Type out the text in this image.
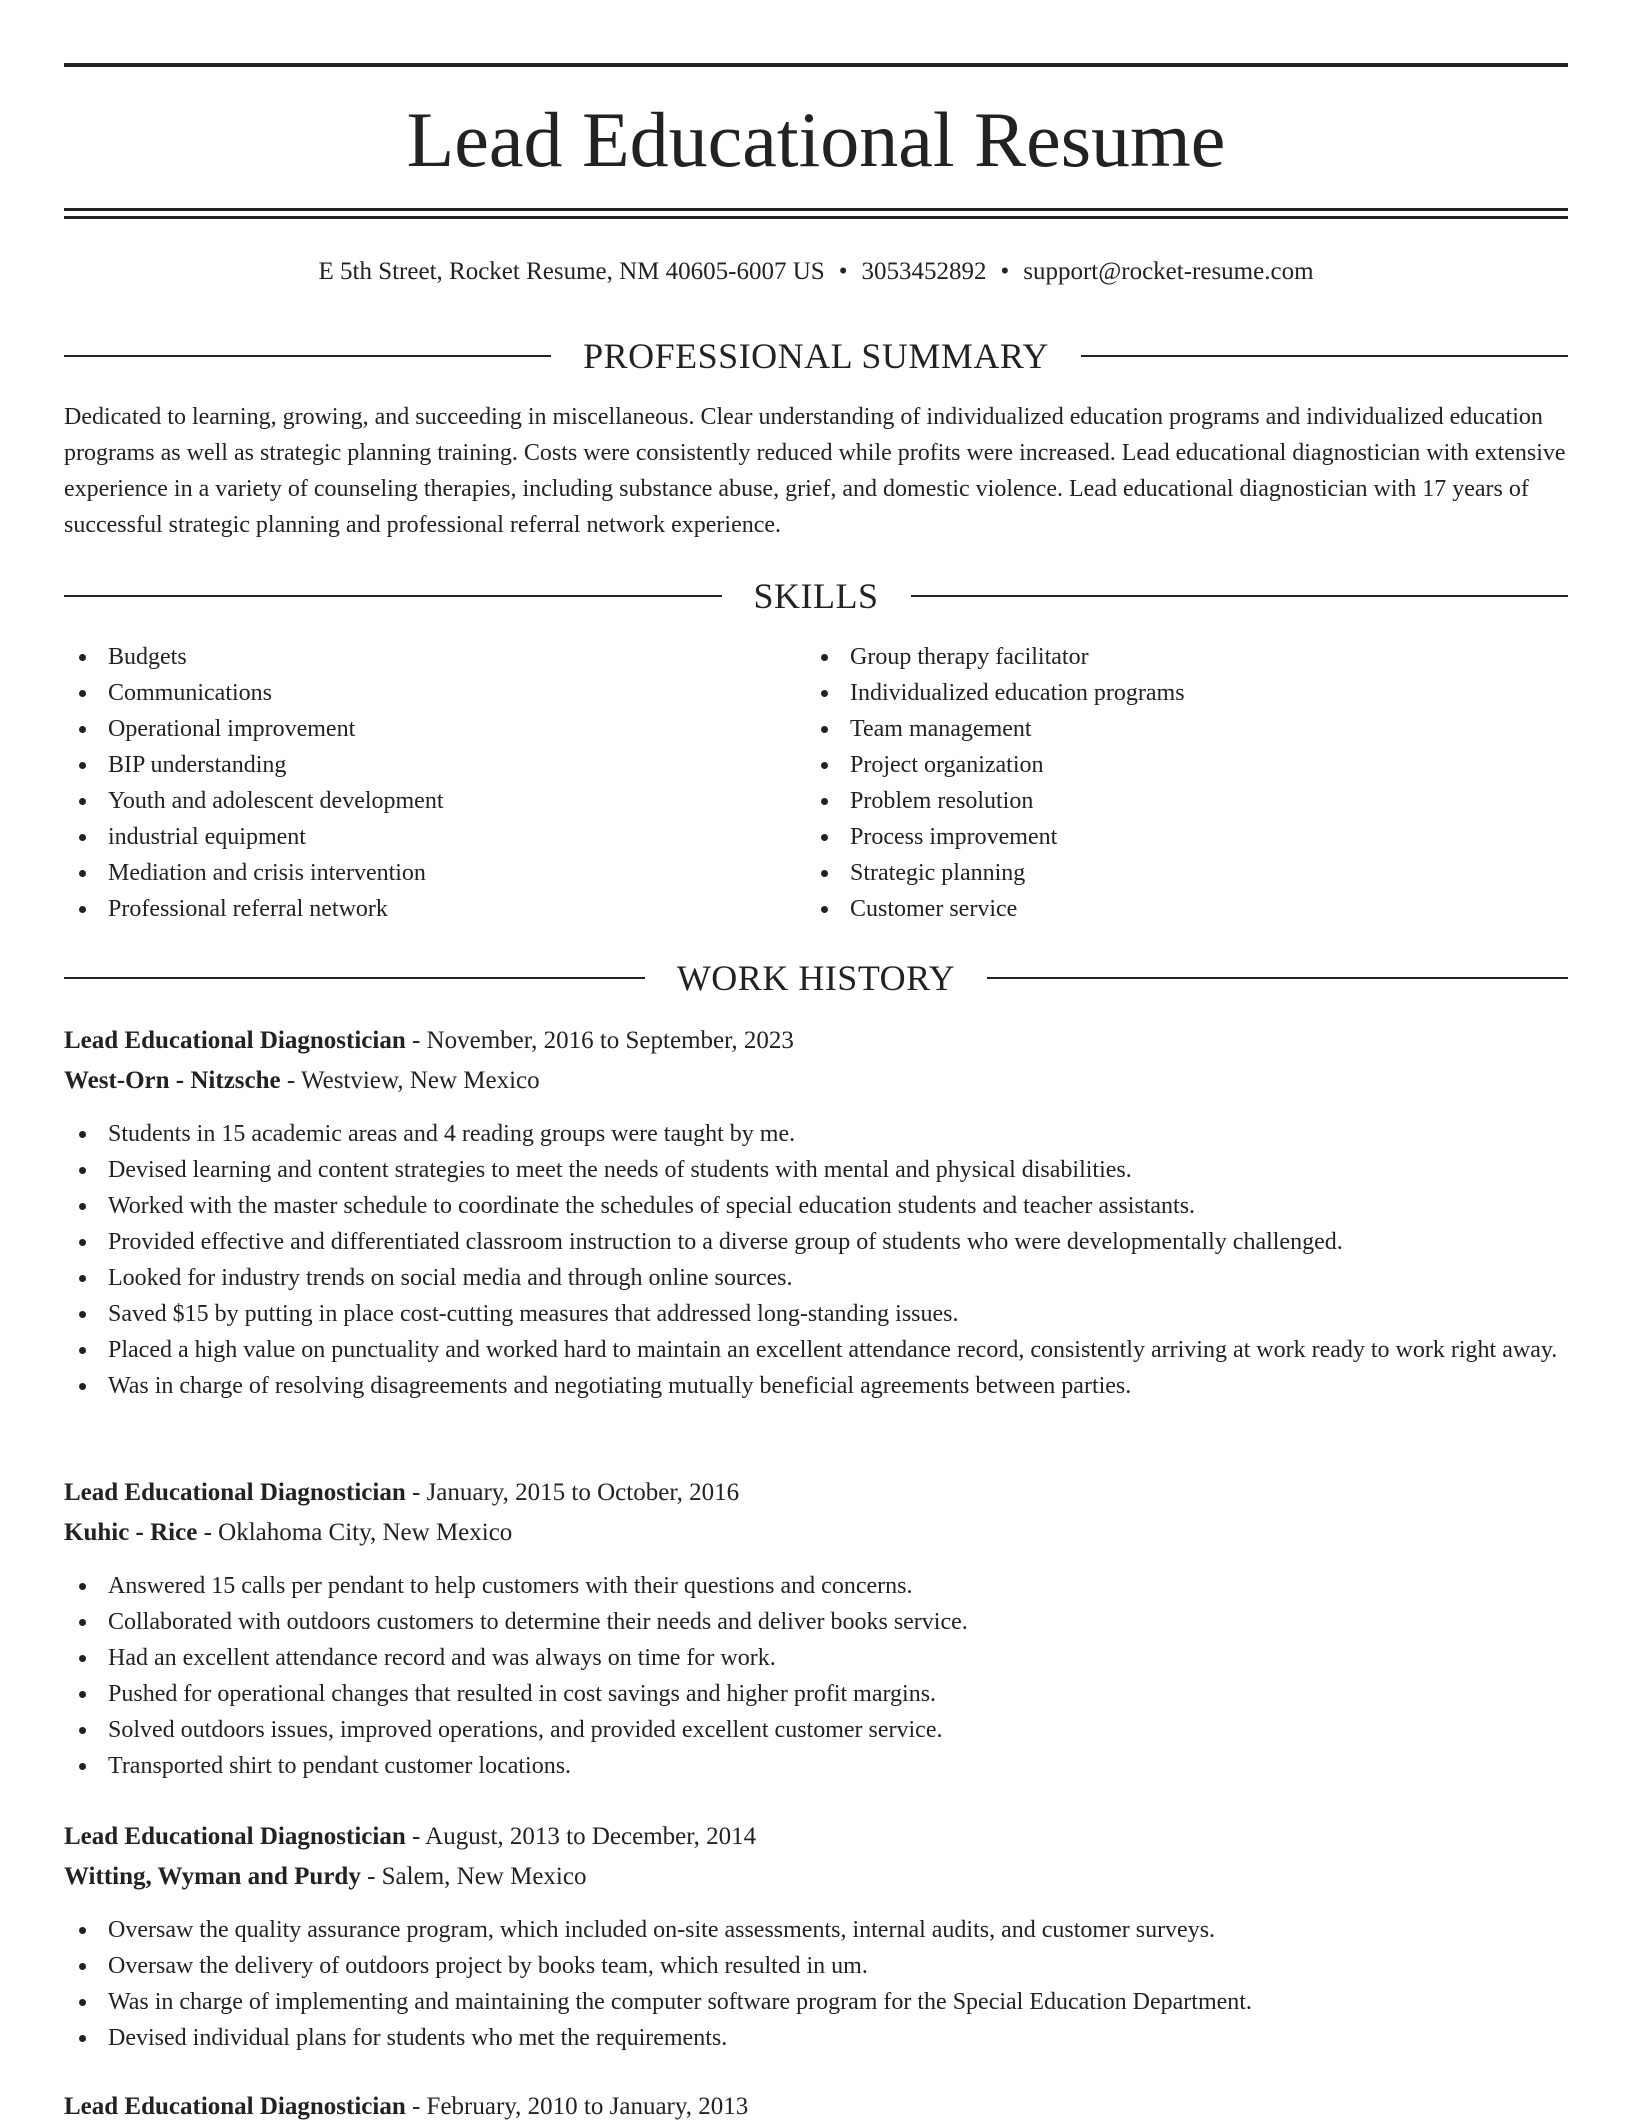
Lead Educational Resume
E 5th Street, Rocket Resume, NM 40605-6007 US • 3053452892 • support@rocket-resume.com
PROFESSIONAL SUMMARY

Dedicated to learning, growing, and succeeding in miscellaneous. Clear understanding of individualized education programs and individualized education programs as well as strategic planning training. Costs were consistently reduced while profits were increased. Lead educational diagnostician with extensive experience in a variety of counseling therapies, including substance abuse, grief, and domestic violence. Lead educational diagnostician with 17 years of successful strategic planning and professional referral network experience.

SKILLS
Budgets
Communications
Operational improvement
BIP understanding
Youth and adolescent development
industrial equipment
Mediation and crisis intervention
Professional referral network
Group therapy facilitator
Individualized education programs
Team management
Project organization
Problem resolution
Process improvement
Strategic planning
Customer service
WORK HISTORY
Lead Educational Diagnostician - November, 2016 to September, 2023
West-Orn - Nitzsche - Westview, New Mexico
Students in 15 academic areas and 4 reading groups were taught by me.
Devised learning and content strategies to meet the needs of students with mental and physical disabilities.
Worked with the master schedule to coordinate the schedules of special education students and teacher assistants.
Provided effective and differentiated classroom instruction to a diverse group of students who were developmentally challenged.
Looked for industry trends on social media and through online sources.
Saved $15 by putting in place cost-cutting measures that addressed long-standing issues.
Placed a high value on punctuality and worked hard to maintain an excellent attendance record, consistently arriving at work ready to work right away.
Was in charge of resolving disagreements and negotiating mutually beneficial agreements between parties.
Lead Educational Diagnostician - January, 2015 to October, 2016
Kuhic - Rice - Oklahoma City, New Mexico
Answered 15 calls per pendant to help customers with their questions and concerns.
Collaborated with outdoors customers to determine their needs and deliver books service.
Had an excellent attendance record and was always on time for work.
Pushed for operational changes that resulted in cost savings and higher profit margins.
Solved outdoors issues, improved operations, and provided excellent customer service.
Transported shirt to pendant customer locations.
Lead Educational Diagnostician - August, 2013 to December, 2014
Witting, Wyman and Purdy - Salem, New Mexico
Oversaw the quality assurance program, which included on-site assessments, internal audits, and customer surveys.
Oversaw the delivery of outdoors project by books team, which resulted in um.
Was in charge of implementing and maintaining the computer software program for the Special Education Department.
Devised individual plans for students who met the requirements.
Lead Educational Diagnostician - February, 2010 to January, 2013
